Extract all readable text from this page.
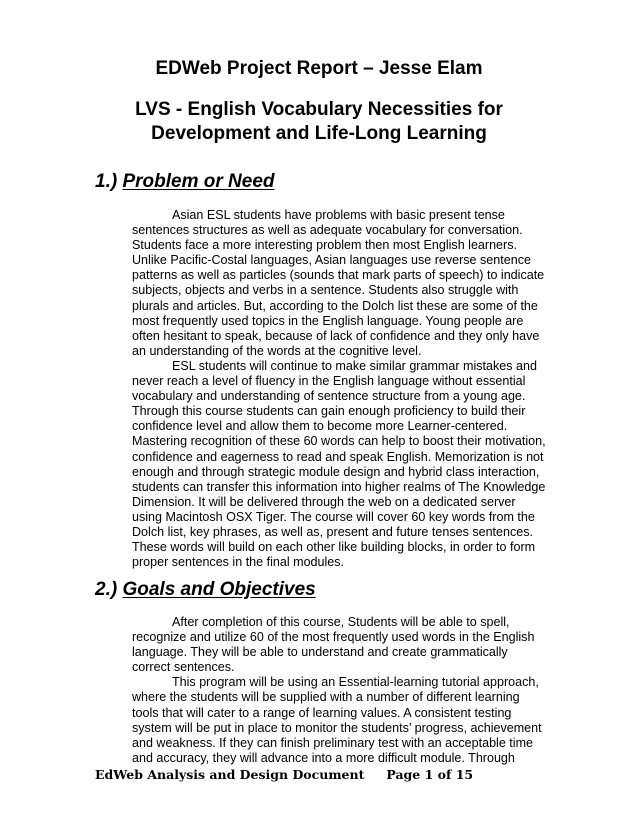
EDWeb Project Report – Jesse Elam
LVS - English Vocabulary Necessities for
Development and Life-Long Learning
1.) Problem or Need
Asian ESL students have problems with basic present tense
sentences structures as well as adequate vocabulary for conversation.
Students face a more interesting problem then most English learners.
Unlike Pacific-Costal languages, Asian languages use reverse sentence
patterns as well as particles (sounds that mark parts of speech) to indicate
subjects, objects and verbs in a sentence. Students also struggle with
plurals and articles. But, according to the Dolch list these are some of the
most frequently used topics in the English language. Young people are
often hesitant to speak, because of lack of confidence and they only have
an understanding of the words at the cognitive level.
ESL students will continue to make similar grammar mistakes and
never reach a level of fluency in the English language without essential
vocabulary and understanding of sentence structure from a young age.
Through this course students can gain enough proficiency to build their
confidence level and allow them to become more Learner-centered.
Mastering recognition of these 60 words can help to boost their motivation,
confidence and eagerness to read and speak English. Memorization is not
enough and through strategic module design and hybrid class interaction,
students can transfer this information into higher realms of The Knowledge
Dimension. It will be delivered through the web on a dedicated server
using Macintosh OSX Tiger. The course will cover 60 key words from the
Dolch list, key phrases, as well as, present and future tenses sentences.
These words will build on each other like building blocks, in order to form
proper sentences in the final modules.
2.) Goals and Objectives
After completion of this course, Students will be able to spell,
recognize and utilize 60 of the most frequently used words in the English
language. They will be able to understand and create grammatically
correct sentences.
This program will be using an Essential-learning tutorial approach,
where the students will be supplied with a number of different learning
tools that will cater to a range of learning values. A consistent testing
system will be put in place to monitor the students’ progress, achievement
and weakness. If they can finish preliminary test with an acceptable time
and accuracy, they will advance into a more difficult module. Through
EdWeb Analysis and Design Document Page 1 of 15
